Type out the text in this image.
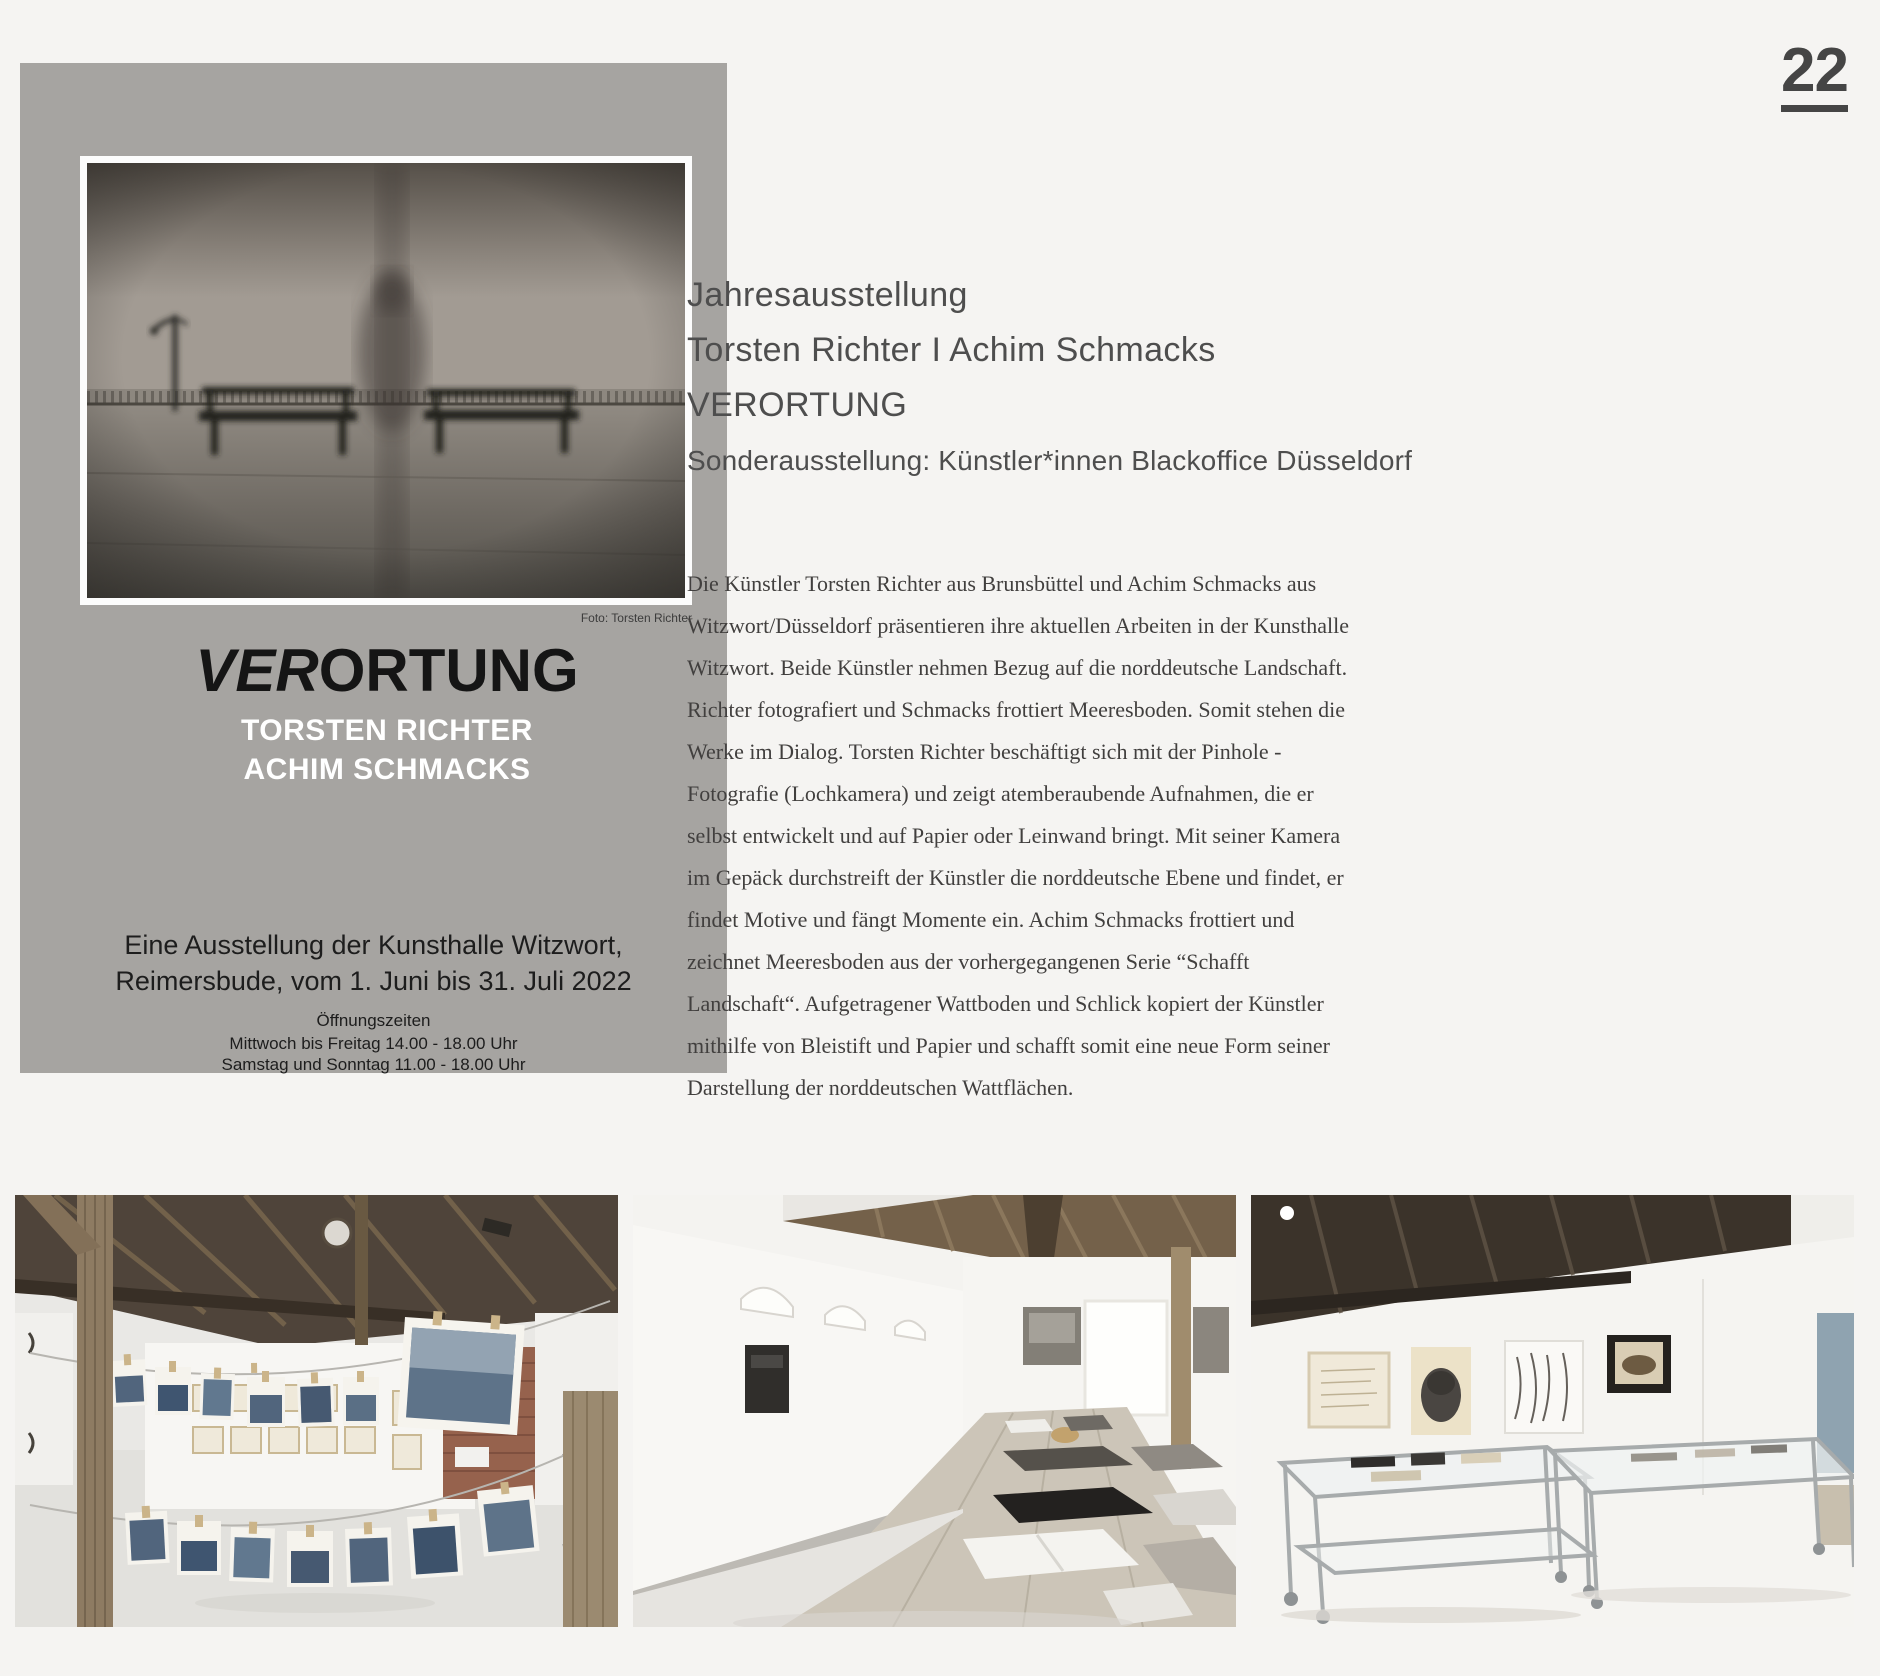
22
Foto: Torsten Richter
VERORTUNG
TORSTEN RICHTER
ACHIM SCHMACKS
Eine Ausstellung der Kunsthalle Witzwort,
Reimersbude, vom 1. Juni bis 31. Juli 2022
Öffnungszeiten
Mittwoch bis Freitag 14.00 - 18.00 Uhr
Samstag und Sonntag 11.00 - 18.00 Uhr
Jahresausstellung
Torsten Richter I Achim Schmacks
VERORTUNG
Sonderausstellung: Künstler*innen Blackoffice Düsseldorf
Die Künstler Torsten Richter aus Brunsbüttel und Achim Schmacks aus
Witzwort/Düsseldorf präsentieren ihre aktuellen Arbeiten in der Kunsthalle
Witzwort. Beide Künstler nehmen Bezug auf die norddeutsche Landschaft.
Richter fotografiert und Schmacks frottiert Meeresboden. Somit stehen die
Werke im Dialog. Torsten Richter beschäftigt sich mit der Pinhole -
Fotografie (Lochkamera) und zeigt atemberaubende Aufnahmen, die er
selbst entwickelt und auf Papier oder Leinwand bringt. Mit seiner Kamera
im Gepäck durchstreift der Künstler die norddeutsche Ebene und findet, er
findet Motive und fängt Momente ein. Achim Schmacks frottiert und
zeichnet Meeresboden aus der vorhergegangenen Serie “Schafft
Landschaft“. Aufgetragener Wattboden und Schlick kopiert der Künstler
mithilfe von Bleistift und Papier und schafft somit eine neue Form seiner
Darstellung der norddeutschen Wattflächen.
